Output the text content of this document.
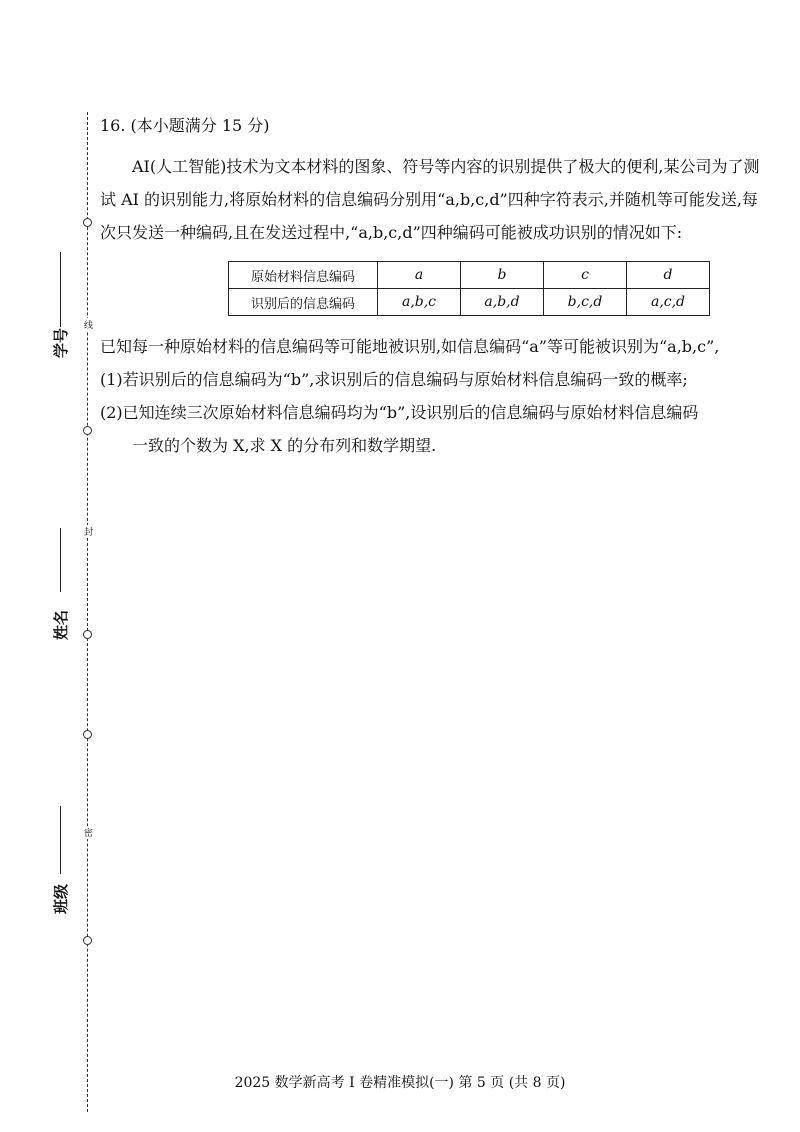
线
封
密
学号
姓名
班级
16. (本小题满分 15 分)

AI(人工智能)技术为文本材料的图象、符号等内容的识别提供了极大的便利,某公司为了测试 AI 的识别能力,将原始材料的信息编码分别用“a,b,c,d”四种字符表示,并随机等可能发送,每次只发送一种编码,且在发送过程中,“a,b,c,d”四种编码可能被成功识别的情况如下:

原始材料信息编码	a	b	c	d
识别后的信息编码	a,b,c	a,b,d	b,c,d	a,c,d

已知每一种原始材料的信息编码等可能地被识别,如信息编码“a”等可能被识别为“a,b,c”,

(1)若识别后的信息编码为“b”,求识别后的信息编码与原始材料信息编码一致的概率;

(2)已知连续三次原始材料信息编码均为“b”,设识别后的信息编码与原始材料信息编码

一致的个数为 X,求 X 的分布列和数学期望.

2025 数学新高考 I 卷精准模拟(一) 第 5 页 (共 8 页)
